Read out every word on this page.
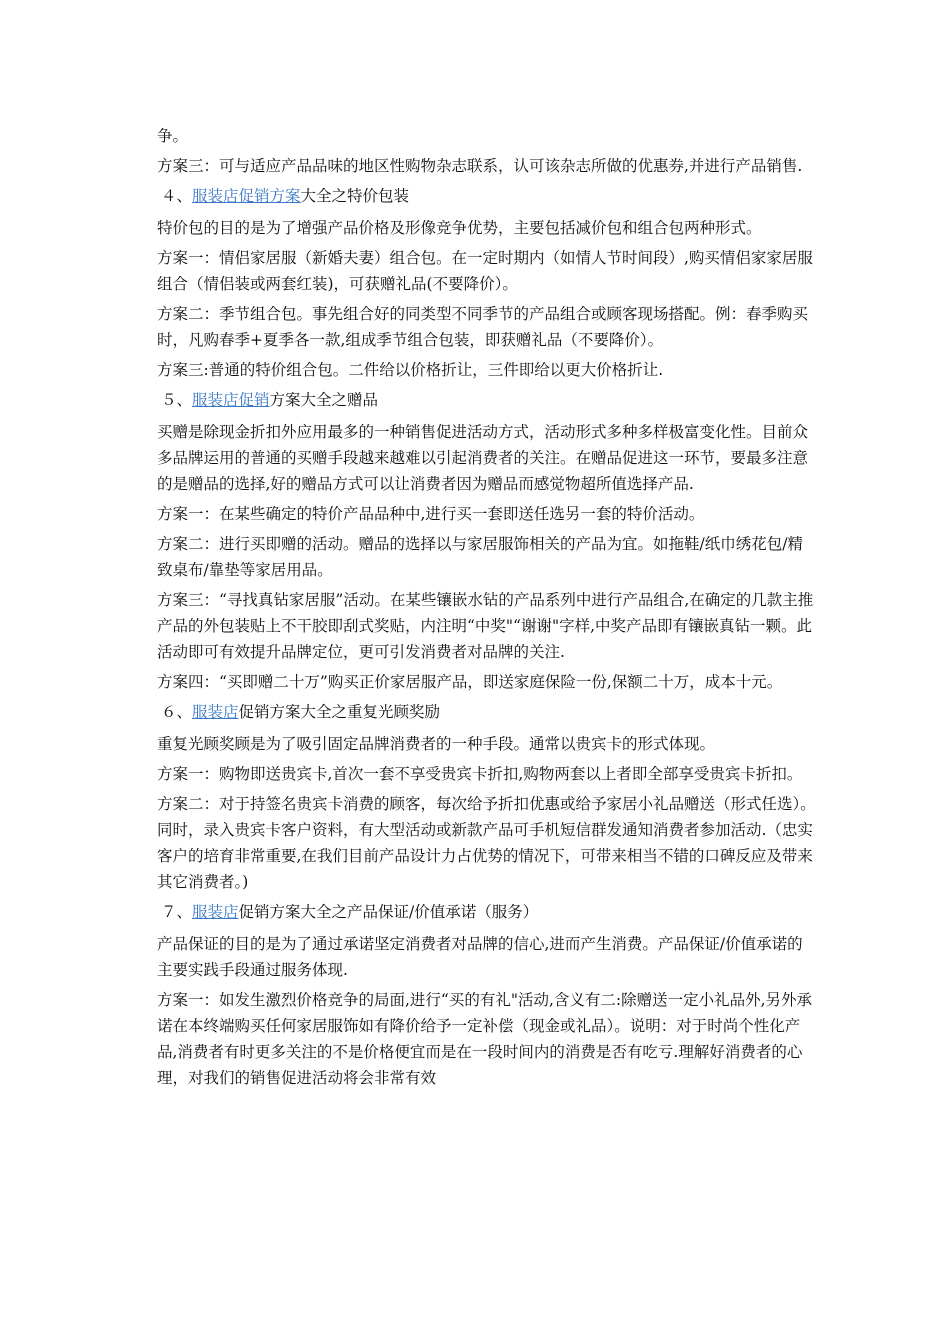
争。

方案三：可与适应产品品味的地区性购物杂志联系，认可该杂志所做的优惠券,并进行产品销售.

４、服装店促销方案大全之特价包装

特价包的目的是为了增强产品价格及形像竞争优势，主要包括减价包和组合包两种形式。

方案一：情侣家居服（新婚夫妻）组合包。在一定时期内（如情人节时间段）,购买情侣家家居服组合（情侣装或两套红装)，可获赠礼品(不要降价）。

方案二：季节组合包。事先组合好的同类型不同季节的产品组合或顾客现场搭配。例：春季购买时，凡购春季+夏季各一款,组成季节组合包装，即获赠礼品（不要降价）。

方案三:普通的特价组合包。二件给以价格折让，三件即给以更大价格折让.

５、服装店促销方案大全之赠品

买赠是除现金折扣外应用最多的一种销售促进活动方式，活动形式多种多样极富变化性。目前众多品牌运用的普通的买赠手段越来越难以引起消费者的关注。在赠品促进这一环节，要最多注意的是赠品的选择,好的赠品方式可以让消费者因为赠品而感觉物超所值选择产品.

方案一：在某些确定的特价产品品种中,进行买一套即送任选另一套的特价活动。

方案二：进行买即赠的活动。赠品的选择以与家居服饰相关的产品为宜。如拖鞋/纸巾绣花包/精致桌布/靠垫等家居用品。

方案三：“寻找真钻家居服”活动。在某些镶嵌水钻的产品系列中进行产品组合,在确定的几款主推产品的外包装贴上不干胶即刮式奖贴，内注明“中奖"“谢谢"字样,中奖产品即有镶嵌真钻一颗。此活动即可有效提升品牌定位，更可引发消费者对品牌的关注.

方案四：“买即赠二十万”购买正价家居服产品，即送家庭保险一份,保额二十万，成本十元。

６、服装店促销方案大全之重复光顾奖励

重复光顾奖顾是为了吸引固定品牌消费者的一种手段。通常以贵宾卡的形式体现。

方案一：购物即送贵宾卡,首次一套不享受贵宾卡折扣,购物两套以上者即全部享受贵宾卡折扣。

方案二：对于持签名贵宾卡消费的顾客，每次给予折扣优惠或给予家居小礼品赠送（形式任选）。同时，录入贵宾卡客户资料，有大型活动或新款产品可手机短信群发通知消费者参加活动.（忠实客户的培育非常重要,在我们目前产品设计力占优势的情况下，可带来相当不错的口碑反应及带来其它消费者。)

７、服装店促销方案大全之产品保证/价值承诺（服务）

产品保证的目的是为了通过承诺坚定消费者对品牌的信心,进而产生消费。产品保证/价值承诺的主要实践手段通过服务体现.

方案一：如发生激烈价格竞争的局面,进行“买的有礼"活动,含义有二:除赠送一定小礼品外,另外承诺在本终端购买任何家居服饰如有降价给予一定补偿（现金或礼品）。说明：对于时尚个性化产品,消费者有时更多关注的不是价格便宜而是在一段时间内的消费是否有吃亏.理解好消费者的心理，对我们的销售促进活动将会非常有效
